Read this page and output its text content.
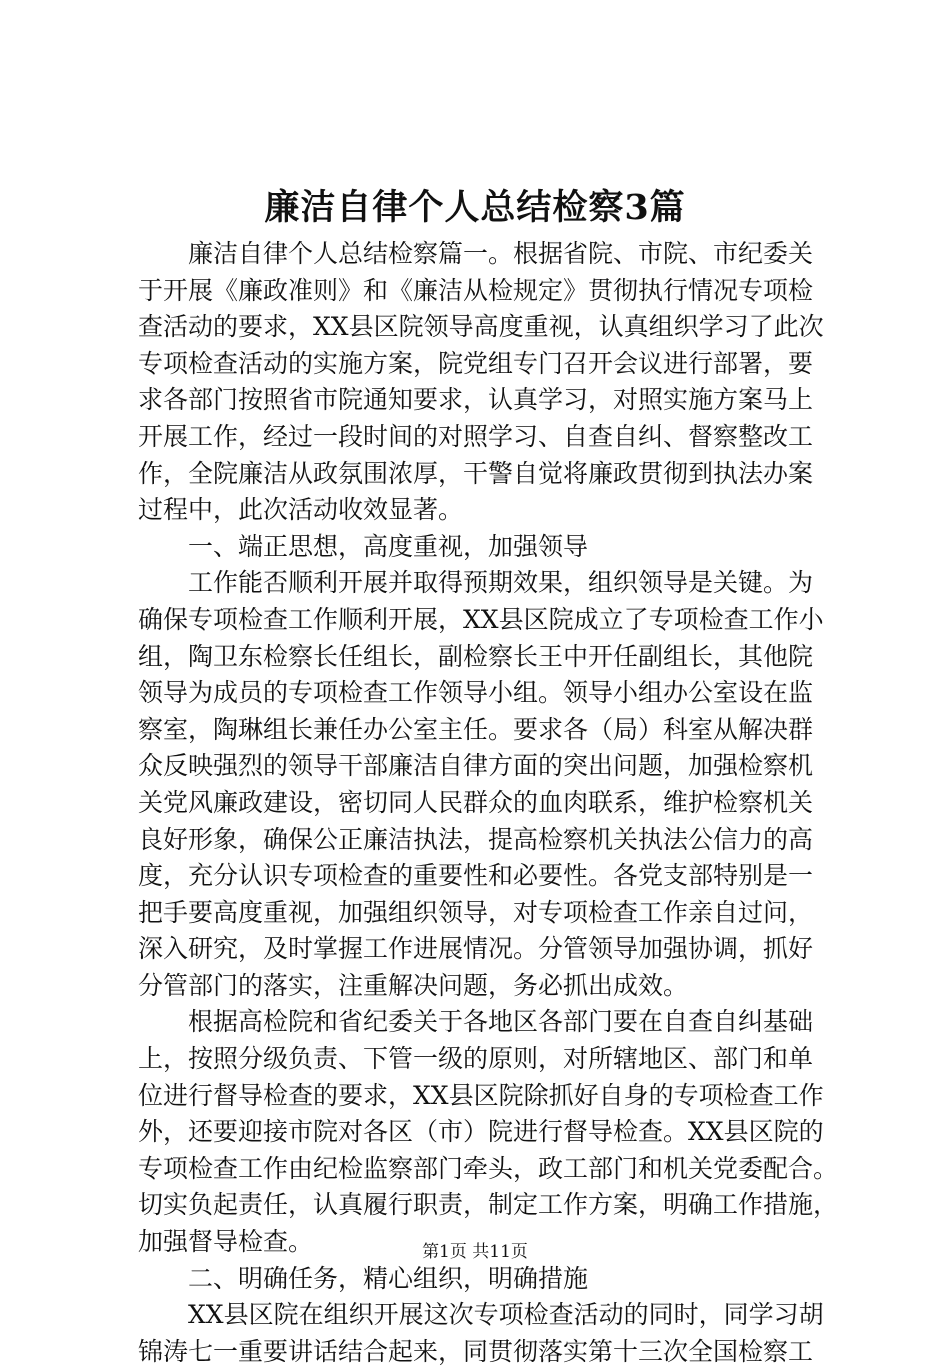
廉洁自律个人总结检察3篇
　　廉洁自律个人总结检察篇一。根据省院、市院、市纪委关
于开展《廉政准则》和《廉洁从检规定》贯彻执行情况专项检
查活动的要求，XX县区院领导高度重视，认真组织学习了此次
专项检查活动的实施方案，院党组专门召开会议进行部署，要
求各部门按照省市院通知要求，认真学习，对照实施方案马上
开展工作，经过一段时间的对照学习、自查自纠、督察整改工
作，全院廉洁从政氛围浓厚，干警自觉将廉政贯彻到执法办案
过程中，此次活动收效显著。
　　一、端正思想，高度重视，加强领导
　　工作能否顺利开展并取得预期效果，组织领导是关键。为
确保专项检查工作顺利开展，XX县区院成立了专项检查工作小
组，陶卫东检察长任组长，副检察长王中开任副组长，其他院
领导为成员的专项检查工作领导小组。领导小组办公室设在监
察室，陶琳组长兼任办公室主任。要求各（局）科室从解决群
众反映强烈的领导干部廉洁自律方面的突出问题，加强检察机
关党风廉政建设，密切同人民群众的血肉联系，维护检察机关
良好形象，确保公正廉洁执法，提高检察机关执法公信力的高
度，充分认识专项检查的重要性和必要性。各党支部特别是一
把手要高度重视，加强组织领导，对专项检查工作亲自过问，
深入研究，及时掌握工作进展情况。分管领导加强协调，抓好
分管部门的落实，注重解决问题，务必抓出成效。
　　根据高检院和省纪委关于各地区各部门要在自查自纠基础
上，按照分级负责、下管一级的原则，对所辖地区、部门和单
位进行督导检查的要求，XX县区院除抓好自身的专项检查工作
外，还要迎接市院对各区（市）院进行督导检查。XX县区院的
专项检查工作由纪检监察部门牵头，政工部门和机关党委配合。
切实负起责任，认真履行职责，制定工作方案，明确工作措施，
加强督导检查。
　　二、明确任务，精心组织，明确措施
　　XX县区院在组织开展这次专项检查活动的同时，同学习胡
锦涛七一重要讲话结合起来，同贯彻落实第十三次全国检察工
第1页 共11页
